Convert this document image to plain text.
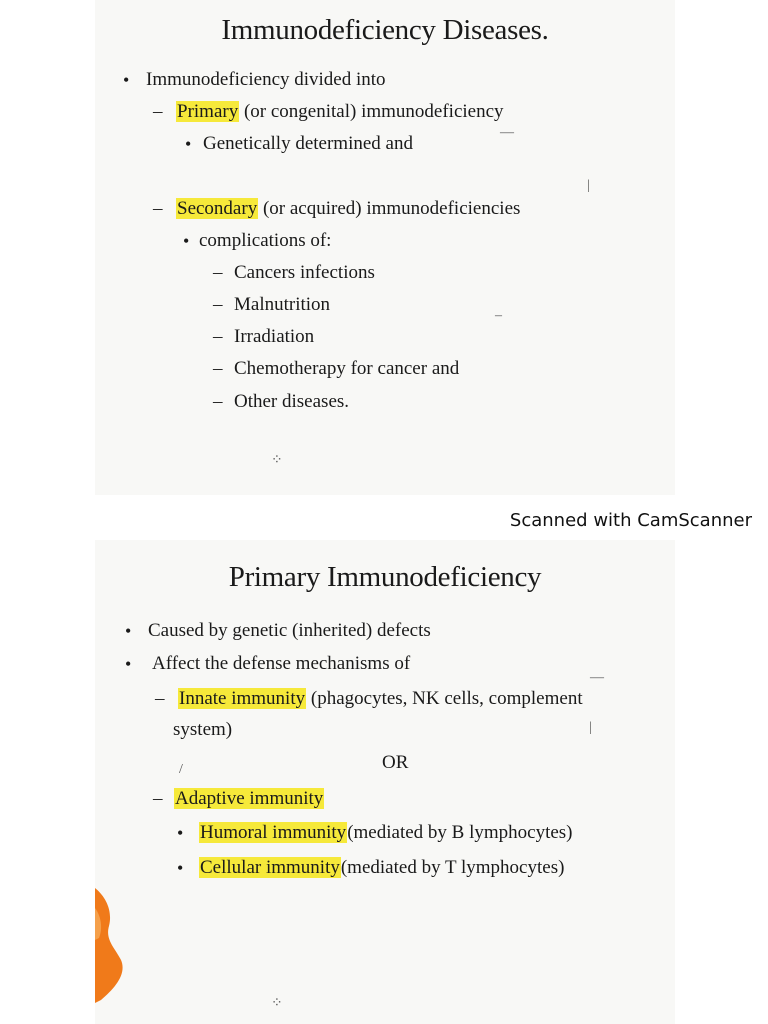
Immunodeficiency Diseases.
• Immunodeficiency divided into
– Primary (or congenital) immunodeficiency
• Genetically determined and
– Secondary (or acquired) immunodeficiencies
• complications of:
– Cancers infections
– Malnutrition
– Irradiation
– Chemotherapy for cancer and
– Other diseases.
—
|
‒
⁘
Scanned with CamScanner
Primary Immunodeficiency
• Caused by genetic (inherited) defects
• Affect the defense mechanisms of
– Innate immunity (phagocytes, NK cells, complement
system)
OR
– Adaptive immunity
• Humoral immunity(mediated by B lymphocytes)
• Cellular immunity(mediated by T lymphocytes)
—
|
/
⁘
